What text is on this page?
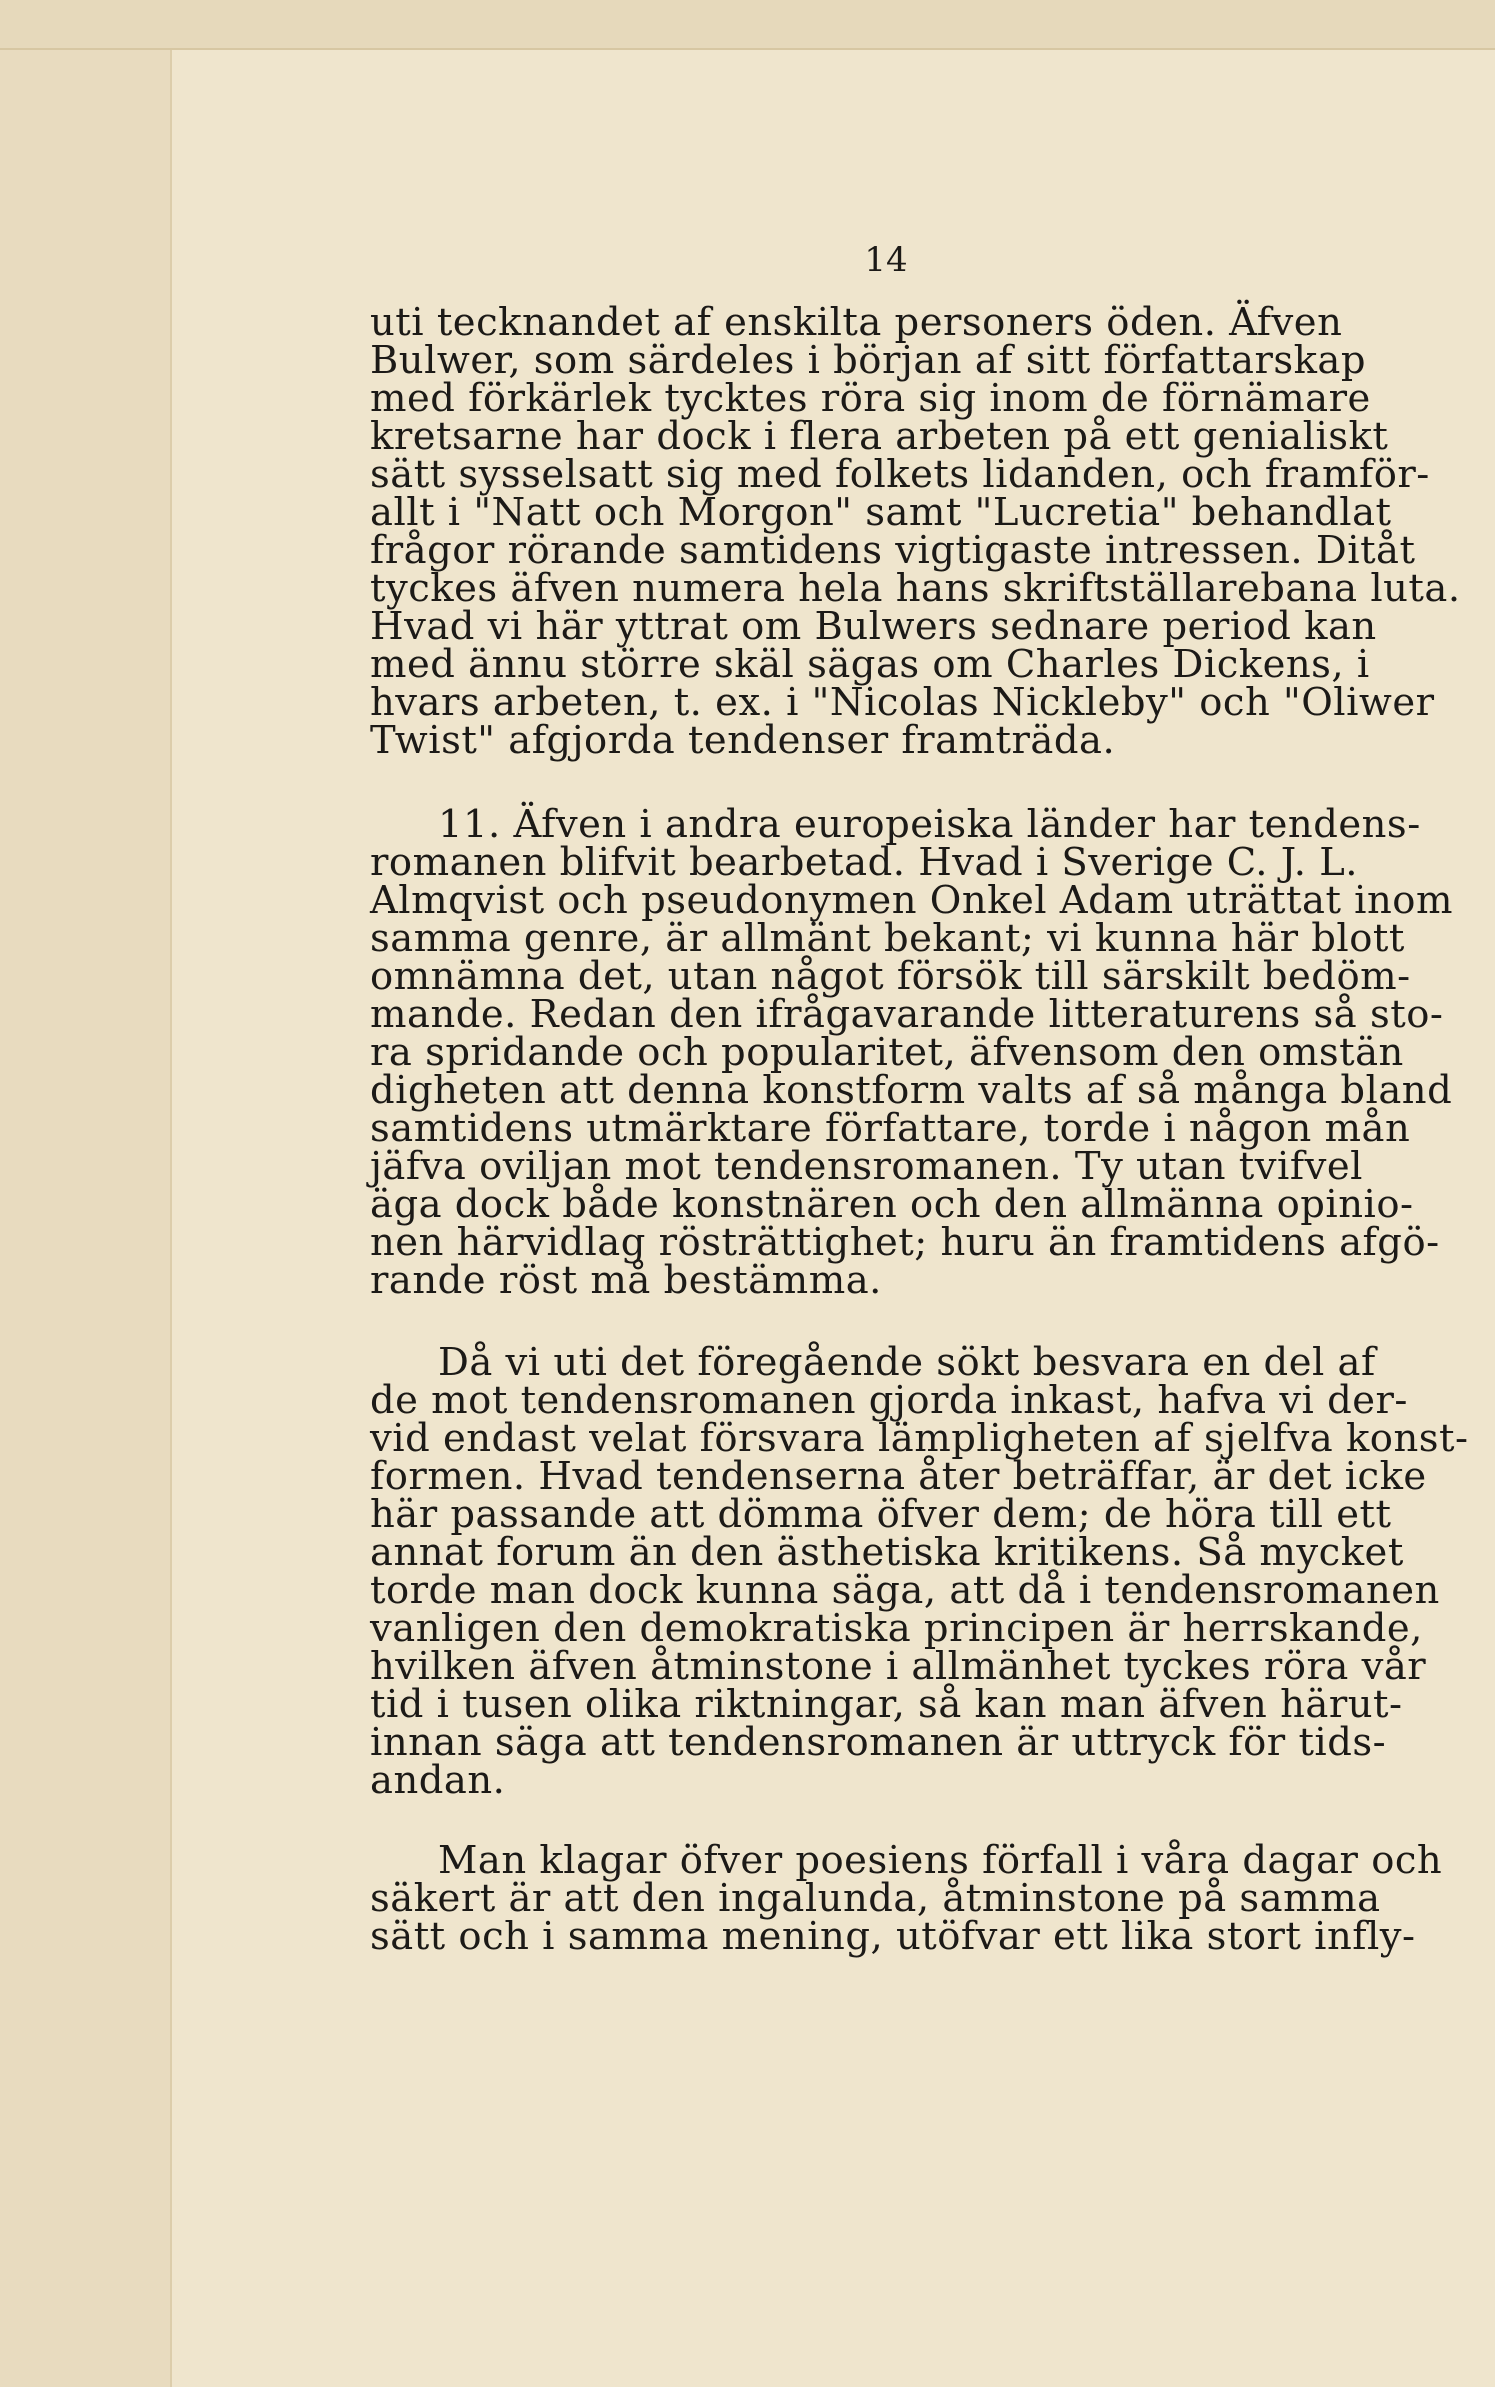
14
uti tecknandet af enskilta personers öden. Äfven
Bulwer, som särdeles i början af sitt författarskap
med förkärlek tycktes röra sig inom de förnämare
kretsarne har dock i flera arbeten på ett genialiskt
sätt sysselsatt sig med folkets lidanden, och framför-
allt i "Natt och Morgon" samt "Lucretia" behandlat
frågor rörande samtidens vigtigaste intressen. Ditåt
tyckes äfven numera hela hans skriftställarebana luta.
Hvad vi här yttrat om Bulwers sednare period kan
med ännu större skäl sägas om Charles Dickens, i
hvars arbeten, t. ex. i "Nicolas Nickleby" och "Oliwer
Twist" afgjorda tendenser framträda.
11. Äfven i andra europeiska länder har tendens-
romanen blifvit bearbetad. Hvad i Sverige C. J. L.
Almqvist och pseudonymen Onkel Adam uträttat inom
samma genre, är allmänt bekant; vi kunna här blott
omnämna det, utan något försök till särskilt bedöm-
mande. Redan den ifrågavarande litteraturens så sto-
ra spridande och popularitet, äfvensom den omstän
digheten att denna konstform valts af så många bland
samtidens utmärktare författare, torde i någon mån
jäfva oviljan mot tendensromanen. Ty utan tvifvel
äga dock både konstnären och den allmänna opinio-
nen härvidlag rösträttighet; huru än framtidens afgö-
rande röst må bestämma.
Då vi uti det föregående sökt besvara en del af
de mot tendensromanen gjorda inkast, hafva vi der-
vid endast velat försvara lämpligheten af sjelfva konst-
formen. Hvad tendenserna åter beträffar, är det icke
här passande att dömma öfver dem; de höra till ett
annat forum än den ästhetiska kritikens. Så mycket
torde man dock kunna säga, att då i tendensromanen
vanligen den demokratiska principen är herrskande,
hvilken äfven åtminstone i allmänhet tyckes röra vår
tid i tusen olika riktningar, så kan man äfven härut-
innan säga att tendensromanen är uttryck för tids-
andan.
Man klagar öfver poesiens förfall i våra dagar och
säkert är att den ingalunda, åtminstone på samma
sätt och i samma mening, utöfvar ett lika stort infly-
